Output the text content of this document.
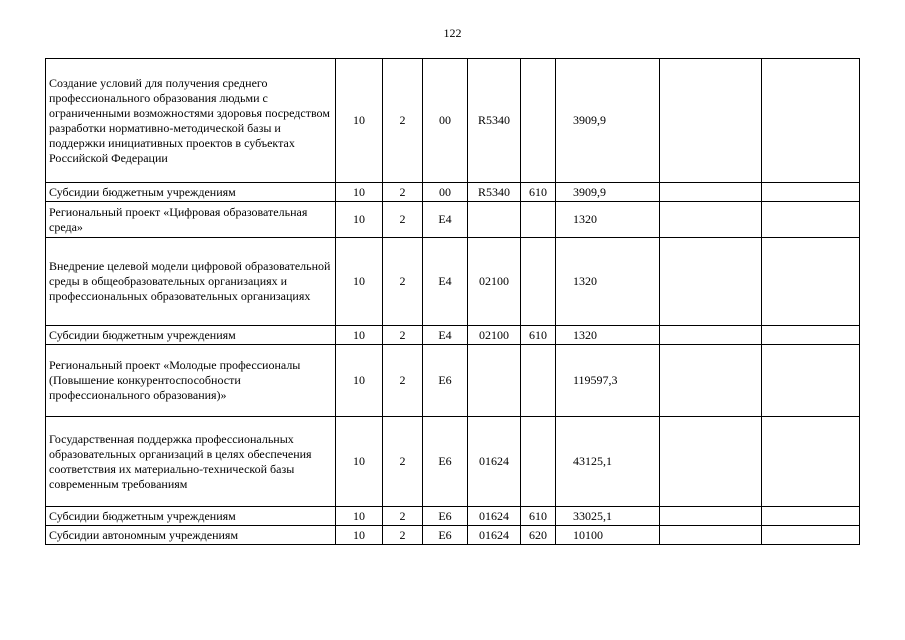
122
Создание условий для получения среднего профессионального образования людьми с ограниченными возможностями здоровья посредством разработки нормативно-методической базы и поддержки инициативных проектов в субъектах Российской Федерации	10	2	00	R5340		3909,9		
Субсидии бюджетным учреждениям	10	2	00	R5340	610	3909,9		
Региональный проект «Цифровая образовательная среда»	10	2	E4			1320		
Внедрение целевой модели цифровой образовательной среды в общеобразовательных организациях и профессиональных образовательных организациях	10	2	E4	02100		1320		
Субсидии бюджетным учреждениям	10	2	E4	02100	610	1320		
Региональный проект «Молодые профессионалы (Повышение конкурентоспособности профессионального образования)»	10	2	E6			119597,3		
Государственная поддержка профессиональных образовательных организаций в целях обеспечения соответствия их материально-технической базы современным требованиям	10	2	E6	01624		43125,1		
Субсидии бюджетным учреждениям	10	2	E6	01624	610	33025,1		
Субсидии автономным учреждениям	10	2	E6	01624	620	10100		
